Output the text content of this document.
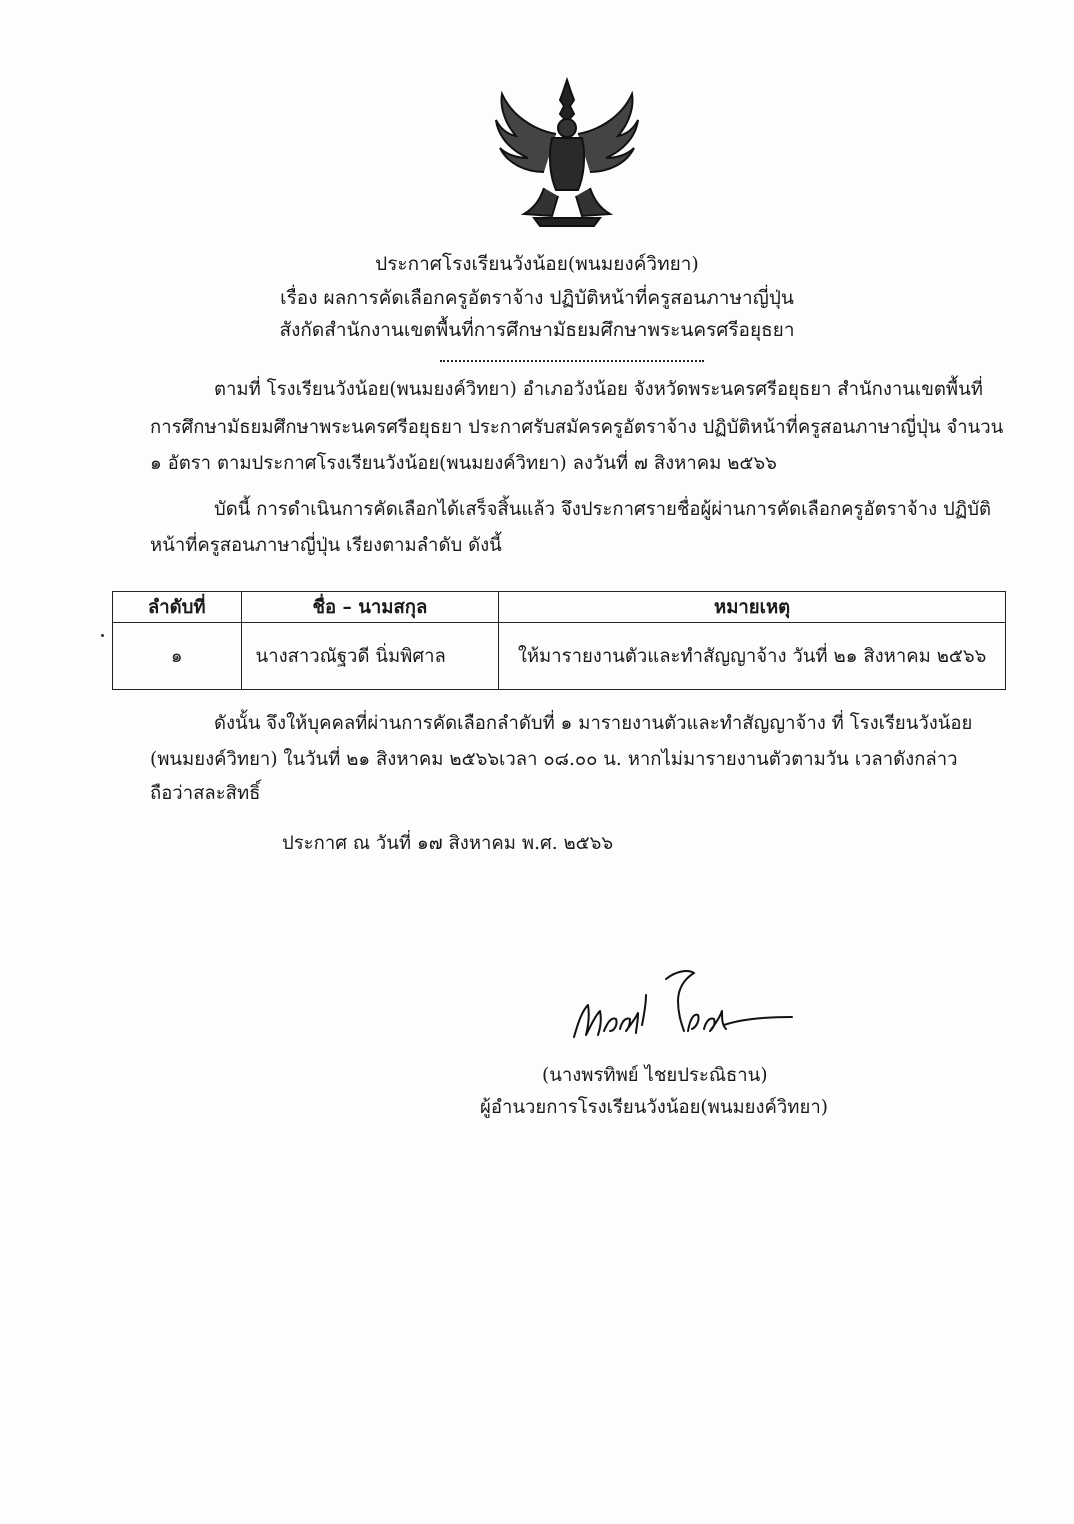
ประกาศโรงเรียนวังน้อย(พนมยงค์วิทยา)
เรื่อง ผลการคัดเลือกครูอัตราจ้าง ปฏิบัติหน้าที่ครูสอนภาษาญี่ปุ่น
สังกัดสำนักงานเขตพื้นที่การศึกษามัธยมศึกษาพระนครศรีอยุธยา
ตามที่ โรงเรียนวังน้อย(พนมยงค์วิทยา) อำเภอวังน้อย จังหวัดพระนครศรีอยุธยา สำนักงานเขตพื้นที่
การศึกษามัธยมศึกษาพระนครศรีอยุธยา ประกาศรับสมัครครูอัตราจ้าง ปฏิบัติหน้าที่ครูสอนภาษาญี่ปุ่น จำนวน
๑ อัตรา ตามประกาศโรงเรียนวังน้อย(พนมยงค์วิทยา) ลงวันที่ ๗ สิงหาคม ๒๕๖๖
บัดนี้ การดำเนินการคัดเลือกได้เสร็จสิ้นแล้ว จึงประกาศรายชื่อผู้ผ่านการคัดเลือกครูอัตราจ้าง ปฏิบัติ
หน้าที่ครูสอนภาษาญี่ปุ่น เรียงตามลำดับ ดังนี้
ลำดับที่	ชื่อ – นามสกุล	หมายเหตุ
๑	นางสาวณัฐวดี นิ่มพิศาล	ให้มารายงานตัวและทำสัญญาจ้าง วันที่ ๒๑ สิงหาคม ๒๕๖๖
ดังนั้น จึงให้บุคคลที่ผ่านการคัดเลือกลำดับที่ ๑ มารายงานตัวและทำสัญญาจ้าง ที่ โรงเรียนวังน้อย
(พนมยงค์วิทยา) ในวันที่ ๒๑ สิงหาคม ๒๕๖๖เวลา ๐๘.๐๐ น. หากไม่มารายงานตัวตามวัน เวลาดังกล่าว
ถือว่าสละสิทธิ์
ประกาศ ณ วันที่ ๑๗ สิงหาคม พ.ศ. ๒๕๖๖
(นางพรทิพย์ ไชยประณิธาน)
ผู้อำนวยการโรงเรียนวังน้อย(พนมยงค์วิทยา)
